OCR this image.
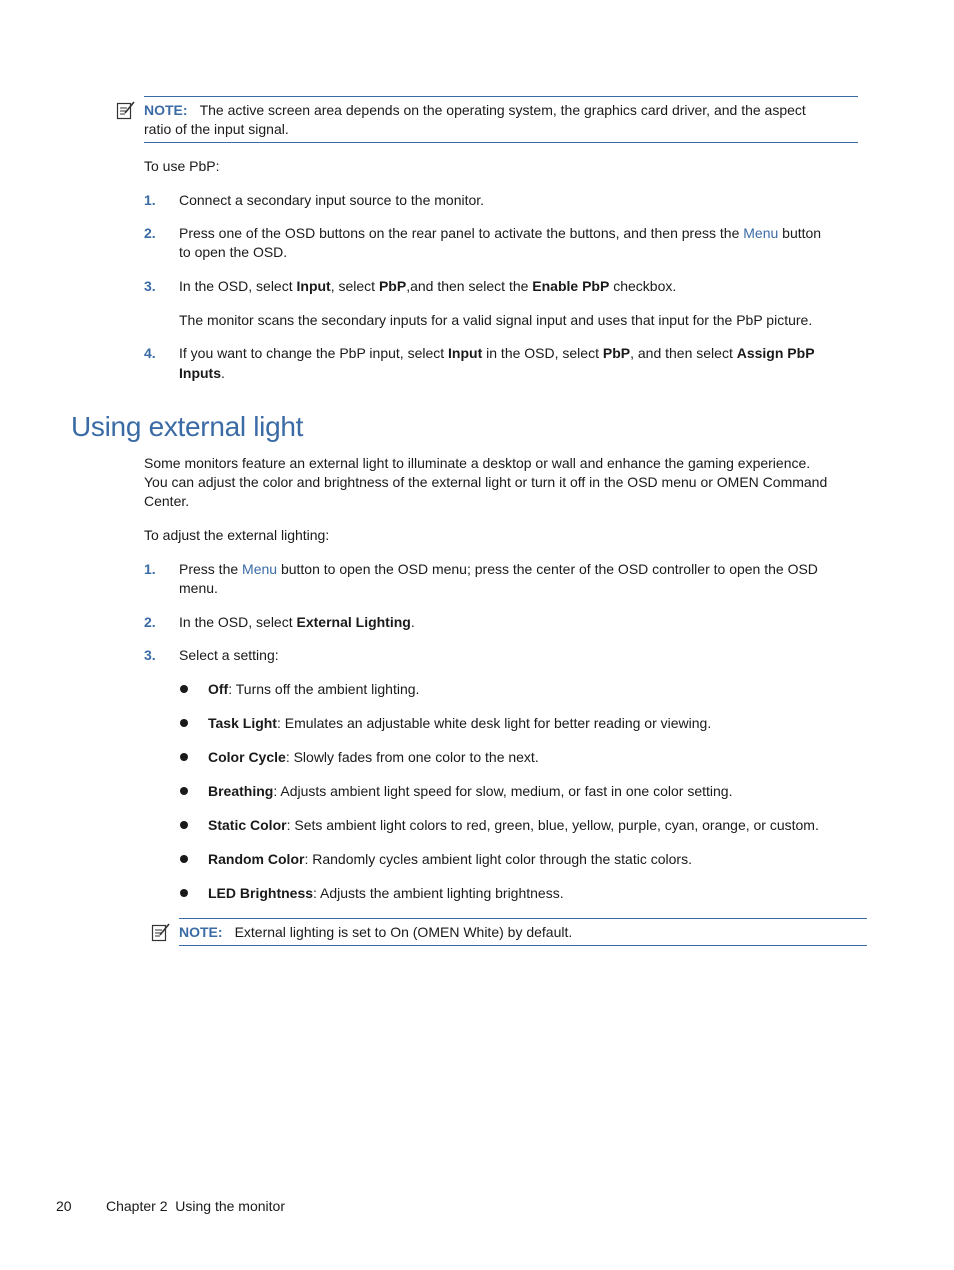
NOTE: The active screen area depends on the operating system, the graphics card driver, and the aspect
ratio of the input signal.
To use PbP:
1. Connect a secondary input source to the monitor.
2. Press one of the OSD buttons on the rear panel to activate the buttons, and then press the Menu button
to open the OSD.
3. In the OSD, select Input, select PbP,and then select the Enable PbP checkbox.
The monitor scans the secondary inputs for a valid signal input and uses that input for the PbP picture.
4. If you want to change the PbP input, select Input in the OSD, select PbP, and then select Assign PbP
Inputs.
Using external light
Some monitors feature an external light to illuminate a desktop or wall and enhance the gaming experience.
You can adjust the color and brightness of the external light or turn it off in the OSD menu or OMEN Command
Center.
To adjust the external lighting:
1. Press the Menu button to open the OSD menu; press the center of the OSD controller to open the OSD
menu.
2. In the OSD, select External Lighting.
3. Select a setting:
Off: Turns off the ambient lighting.
Task Light: Emulates an adjustable white desk light for better reading or viewing.
Color Cycle: Slowly fades from one color to the next.
Breathing: Adjusts ambient light speed for slow, medium, or fast in one color setting.
Static Color: Sets ambient light colors to red, green, blue, yellow, purple, cyan, orange, or custom.
Random Color: Randomly cycles ambient light color through the static colors.
LED Brightness: Adjusts the ambient lighting brightness.
NOTE: External lighting is set to On (OMEN White) by default.
20 Chapter 2  Using the monitor
